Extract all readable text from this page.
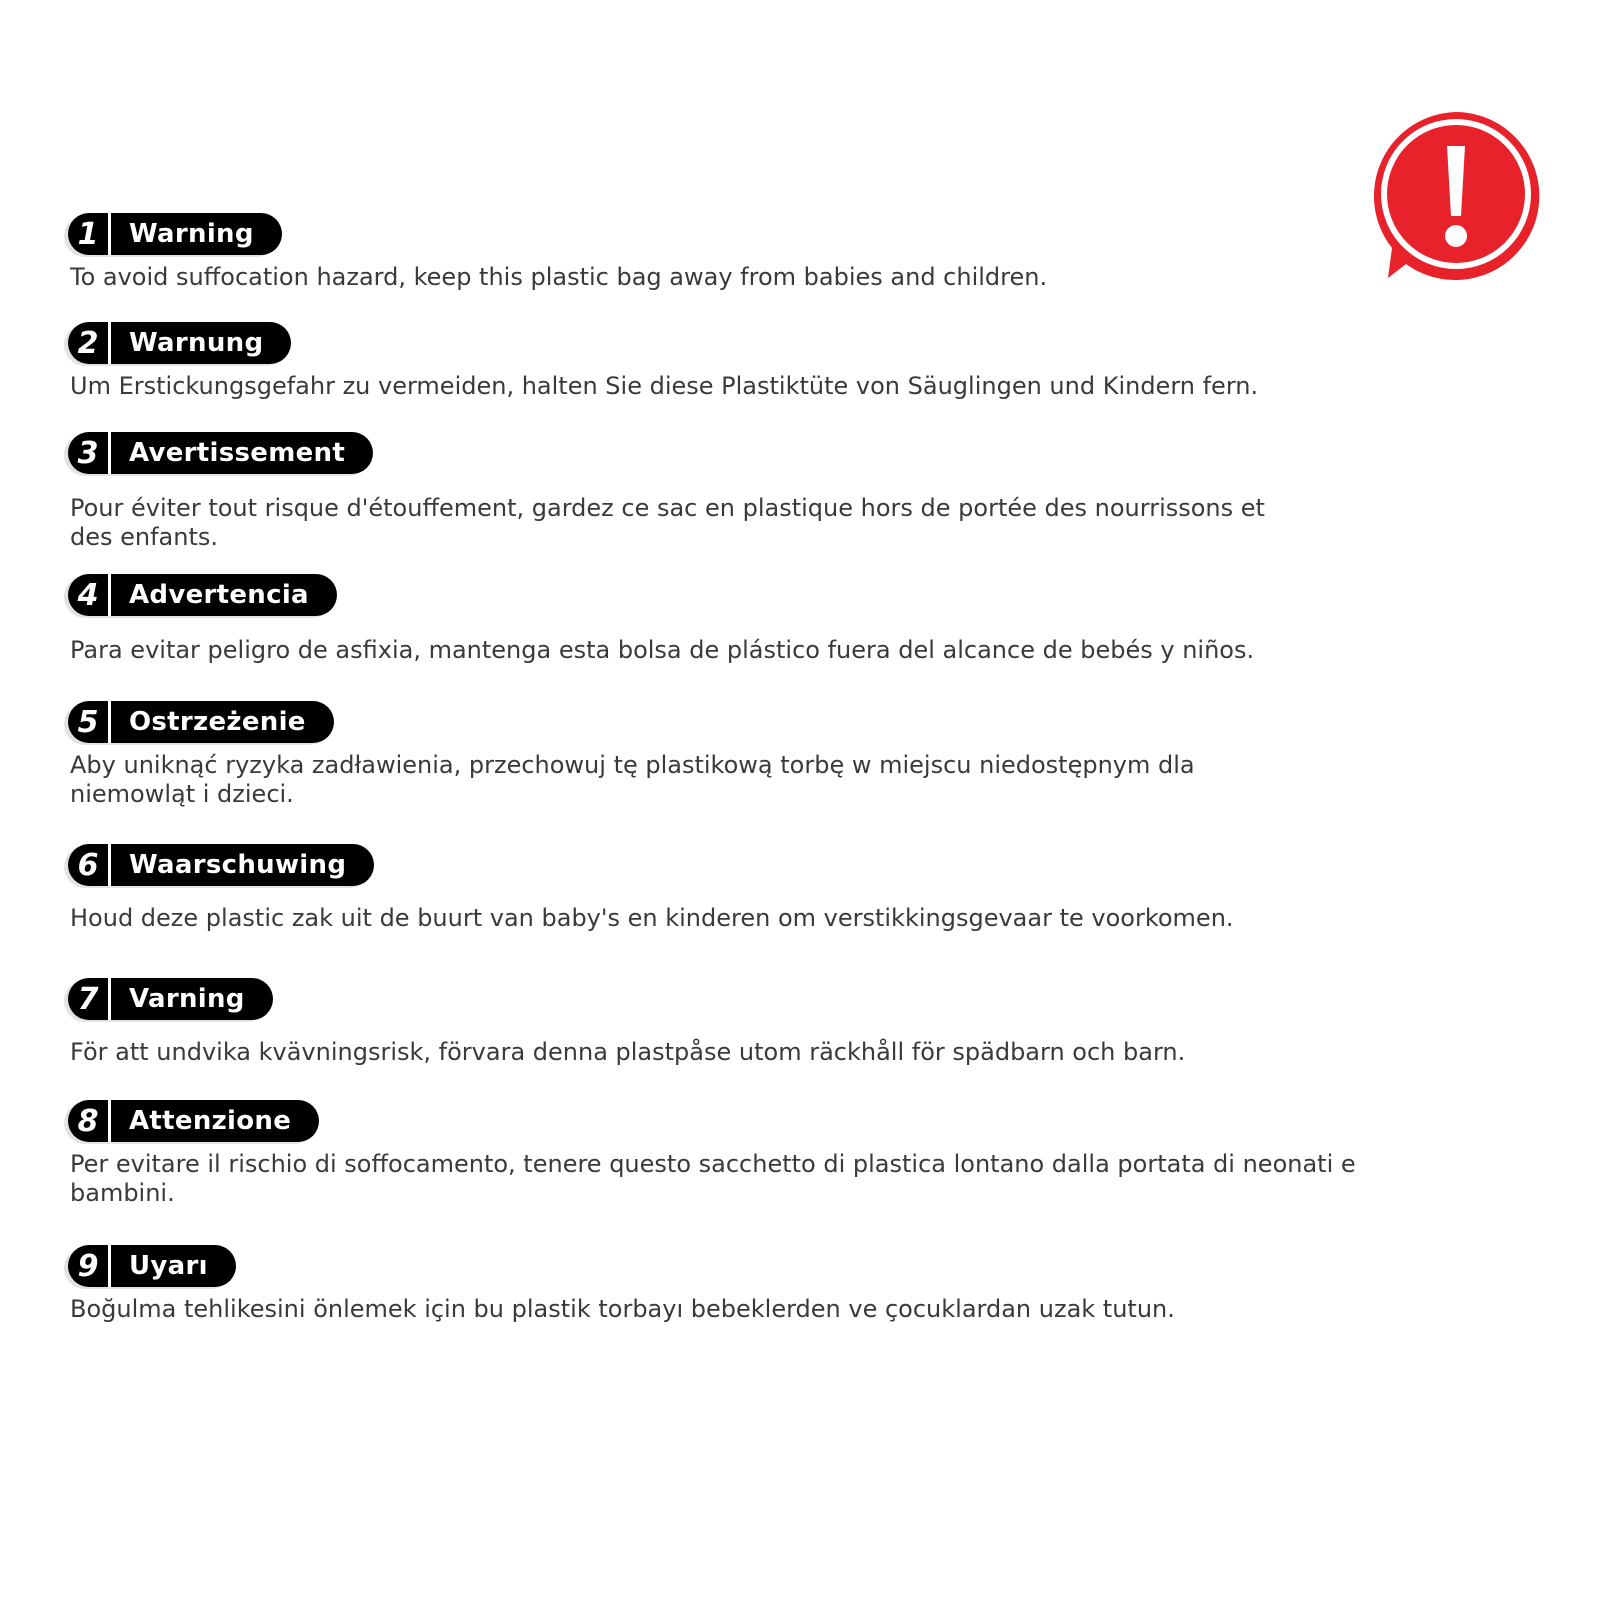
1	Warning
To avoid suffocation hazard, keep this plastic bag away from babies and children.
2	Warnung
Um Erstickungsgefahr zu vermeiden, halten Sie diese Plastiktüte von Säuglingen und Kindern fern.
3	Avertissement
Pour éviter tout risque d'étouffement, gardez ce sac en plastique hors de portée des nourrissons et des enfants.
4	Advertencia
Para evitar peligro de asfixia, mantenga esta bolsa de plástico fuera del alcance de bebés y niños.
5	Ostrzeżenie
Aby uniknąć ryzyka zadławienia, przechowuj tę plastikową torbę w miejscu niedostępnym dla niemowląt i dzieci.
6	Waarschuwing
Houd deze plastic zak uit de buurt van baby's en kinderen om verstikkingsgevaar te voorkomen.
7	Varning
För att undvika kvävningsrisk, förvara denna plastpåse utom räckhåll för spädbarn och barn.
8	Attenzione
Per evitare il rischio di soffocamento, tenere questo sacchetto di plastica lontano dalla portata di neonati e bambini.
9	Uyarı
Boğulma tehlikesini önlemek için bu plastik torbayı bebeklerden ve çocuklardan uzak tutun.
